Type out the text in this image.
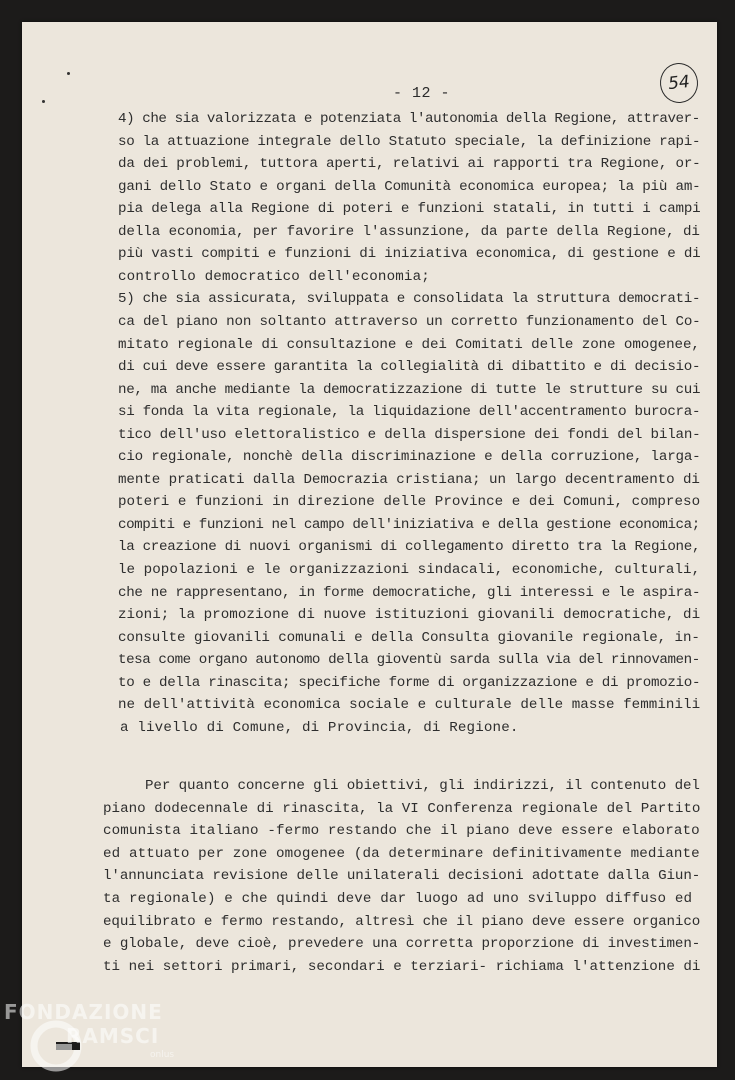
54
- 12 -
4) che sia valorizzata e potenziata l'autonomia della Regione, attraver-
so la attuazione integrale dello Statuto speciale, la definizione rapi-
da dei problemi, tuttora aperti, relativi ai rapporti tra Regione, or-
gani dello Stato e organi della Comunità economica europea; la più am-
pia delega alla Regione di poteri e funzioni statali, in tutti i campi
della economia, per favorire l'assunzione, da parte della Regione, di
più vasti compiti e funzioni di iniziativa economica, di gestione e di
controllo democratico dell'economia;
5) che sia assicurata, sviluppata e consolidata la struttura democrati-
ca del piano non soltanto attraverso un corretto funzionamento del Co-
mitato regionale di consultazione e dei Comitati delle zone omogenee,
di cui deve essere garantita la collegialità di dibattito e di decisio-
ne, ma anche mediante la democratizzazione di tutte le strutture su cui
si fonda la vita regionale, la liquidazione dell'accentramento burocra-
tico dell'uso elettoralistico e della dispersione dei fondi del bilan-
cio regionale, nonchè della discriminazione e della corruzione, larga-
mente praticati dalla Democrazia cristiana; un largo decentramento di
poteri e funzioni in direzione delle Province e dei Comuni, compreso
compiti e funzioni nel campo dell'iniziativa e della gestione economica;
la creazione di nuovi organismi di collegamento diretto tra la Regione,
le popolazioni e le organizzazioni sindacali, economiche, culturali,
che ne rappresentano, in forme democratiche, gli interessi e le aspira-
zioni; la promozione di nuove istituzioni giovanili democratiche, di
consulte giovanili comunali e della Consulta giovanile regionale, in-
tesa come organo autonomo della gioventù sarda sulla via del rinnovamen-
to e della rinascita; specifiche forme di organizzazione e di promozio-
ne dell'attività economica sociale e culturale delle masse femminili
a livello di Comune, di Provincia, di Regione.
Per quanto concerne gli obiettivi, gli indirizzi, il contenuto del
piano dodecennale di rinascita, la VI Conferenza regionale del Partito
comunista italiano -fermo restando che il piano deve essere elaborato
ed attuato per zone omogenee (da determinare definitivamente mediante
l'annunciata revisione delle unilaterali decisioni adottate dalla Giun-
ta regionale) e che quindi deve dar luogo ad uno sviluppo diffuso ed
equilibrato e fermo restando, altresì che il piano deve essere organico
e globale, deve cioè, prevedere una corretta proporzione di investimen-
ti nei settori primari, secondari e terziari- richiama l'attenzione di
FONDAZIONE
RAMSCI
onlus
